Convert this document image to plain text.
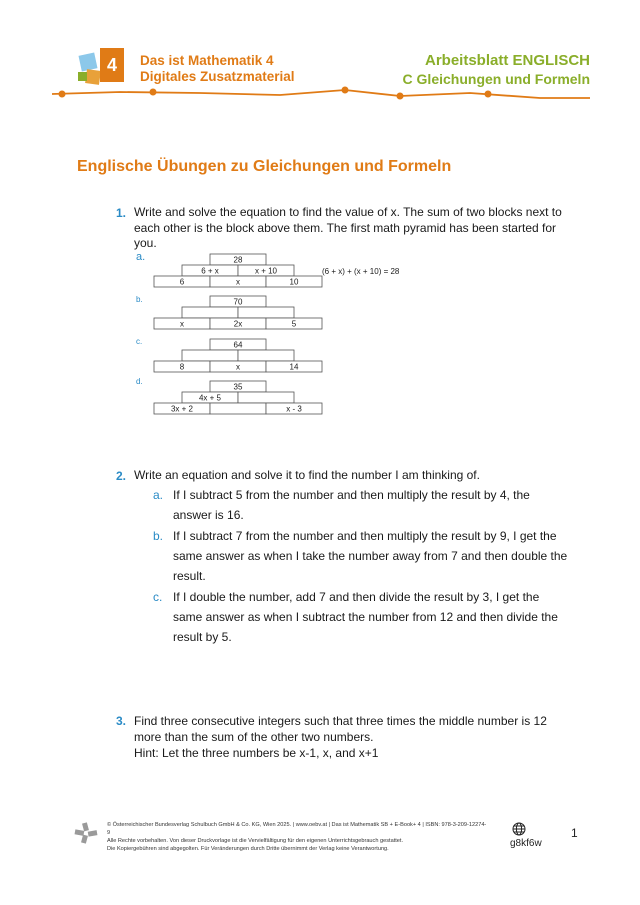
4 Das ist Mathematik 4
Digitales Zusatzmaterial
Arbeitsblatt ENGLISCH
C Gleichungen und Formeln
Englische Übungen zu Gleichungen und Formeln
1. Write and solve the equation to find the value of x. The sum of two blocks next to
each other is the block above them. The first math pyramid has been started for
you.
a.
b.
c.
d.
28
6 + x	x + 10
6	x	10
(6 + x) + (x + 10) = 28
70
x	2x	5
64
8	x	14
35
4x + 5
3x + 2	x - 3
2. Write an equation and solve it to find the number I am thinking of.
a. If I subtract 5 from the number and then multiply the result by 4, the
answer is 16.
b. If I subtract 7 from the number and then multiply the result by 9, I get the
same answer as when I take the number away from 7 and then double the
result.
c. If I double the number, add 7 and then divide the result by 3, I get the
same answer as when I subtract the number from 12 and then divide the
result by 5.
3. Find three consecutive integers such that three times the middle number is 12
more than the sum of the other two numbers.
Hint: Let the three numbers be x-1, x, and x+1
© Österreichischer Bundesverlag Schulbuch GmbH & Co. KG, Wien 2025. | www.oebv.at | Das ist Mathematik SB + E-Book+ 4 | ISBN: 978-3-209-12274-9
Alle Rechte vorbehalten. Von dieser Druckvorlage ist die Vervielfältigung für den eigenen Unterrichtsgebrauch gestattet.
Die Kopiergebühren sind abgegolten. Für Veränderungen durch Dritte übernimmt der Verlag keine Verantwortung.	g8kf6w
1
